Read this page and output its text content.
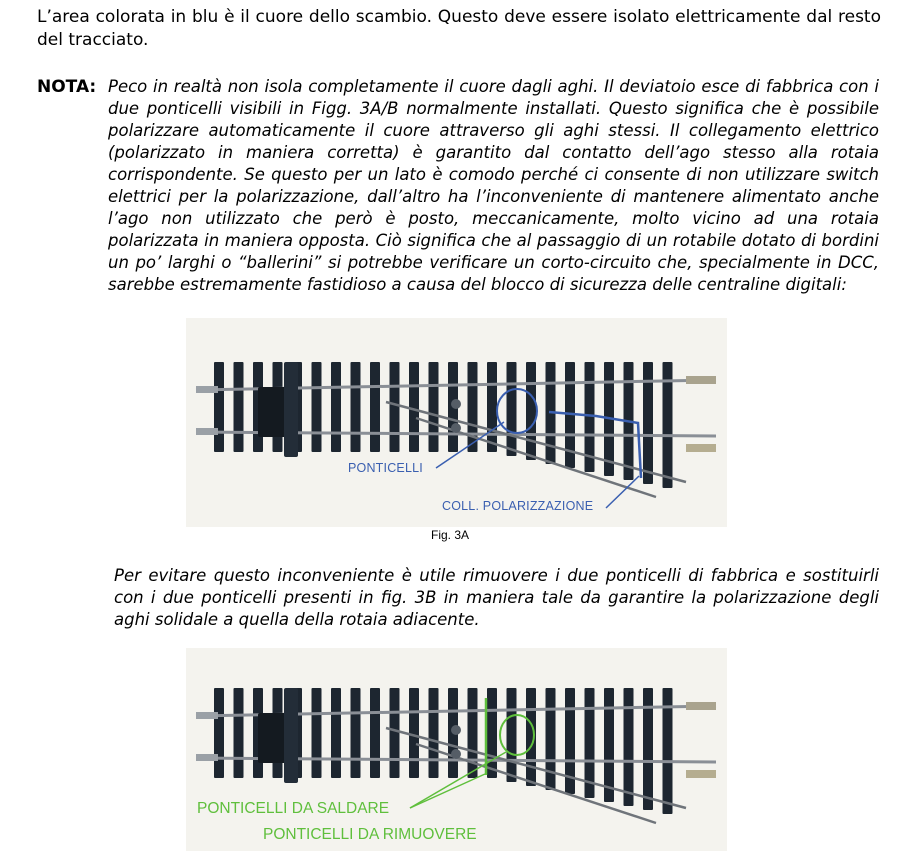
L’area colorata in blu è il cuore dello scambio. Questo deve essere isolato elettricamente dal resto del tracciato.
NOTA: Peco in realtà non isola completamente il cuore dagli aghi. Il deviatoio esce di fabbrica con i due ponticelli visibili in Figg. 3A/B normalmente installati. Questo significa che è possibile polarizzare automaticamente il cuore attraverso gli aghi stessi. Il collegamento elettrico (polarizzato in maniera corretta) è garantito dal contatto dell’ago stesso alla rotaia corrispondente. Se questo per un lato è comodo perché ci consente di non utilizzare switch elettrici per la polarizzazione, dall’altro ha l’inconveniente di mantenere alimentato anche l’ago non utilizzato che però è posto, meccanicamente, molto vicino ad una rotaia polarizzata in maniera opposta. Ciò significa che al passaggio di un rotabile dotato di bordini un po’ larghi o “ballerini” si potrebbe verificare un corto-circuito che, specialmente in DCC, sarebbe estremamente fastidioso a causa del blocco di sicurezza delle centraline digitali:

PONTICELLI
COLL. POLARIZZAZIONE
Fig. 3A

Per evitare questo inconveniente è utile rimuovere i due ponticelli di fabbrica e sostituirli con i due ponticelli presenti in fig. 3B in maniera tale da garantire la polarizzazione degli aghi solidale a quella della rotaia adiacente.

PONTICELLI DA SALDARE
PONTICELLI DA RIMUOVERE
